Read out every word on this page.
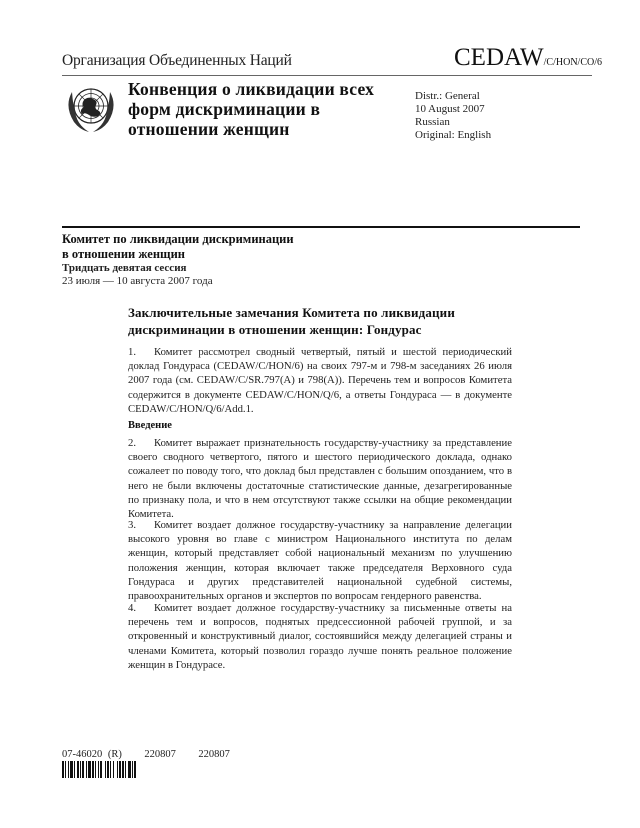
Организация Объединенных Наций	CEDAW/C/HON/CO/6
Конвенция о ликвидации всех
форм дискриминации в
отношении женщин
Distr.: General
10 August 2007
Russian
Original: English
Комитет по ликвидации дискриминации
в отношении женщин
Тридцать девятая сессия
23 июля — 10 августа 2007 года
Заключительные замечания Комитета по ликвидации
дискриминации в отношении женщин: Гондурас
1. Комитет рассмотрел сводный четвертый, пятый и шестой периодический доклад Гондураса (CEDAW/C/HON/6) на своих 797-м и 798-м заседаниях 26 июля 2007 года (см. CEDAW/C/SR.797(A) и 798(A)). Перечень тем и вопросов Комитета содержится в документе CEDAW/C/HON/Q/6, а ответы Гондураса — в документе CEDAW/C/HON/Q/6/Add.1.
Введение
2. Комитет выражает признательность государству-участнику за представление своего сводного четвертого, пятого и шестого периодического доклада, однако сожалеет по поводу того, что доклад был представлен с большим опозданием, что в него не были включены достаточные статистические данные, дезагрегированные по признаку пола, и что в нем отсутствуют также ссылки на общие рекомендации Комитета.
3. Комитет воздает должное государству-участнику за направление делегации высокого уровня во главе с министром Национального института по делам женщин, который представляет собой национальный механизм по улучшению положения женщин, которая включает также председателя Верховного суда Гондураса и других представителей национальной судебной системы, правоохранительных органов и экспертов по вопросам гендерного равенства.
4. Комитет воздает должное государству-участнику за письменные ответы на перечень тем и вопросов, поднятых предсессионной рабочей группой, и за откровенный и конструктивный диалог, состоявшийся между делегацией страны и членами Комитета, который позволил гораздо лучше понять реальное положение женщин в Гондурасе.
07-46020 (R) 220807 220807
